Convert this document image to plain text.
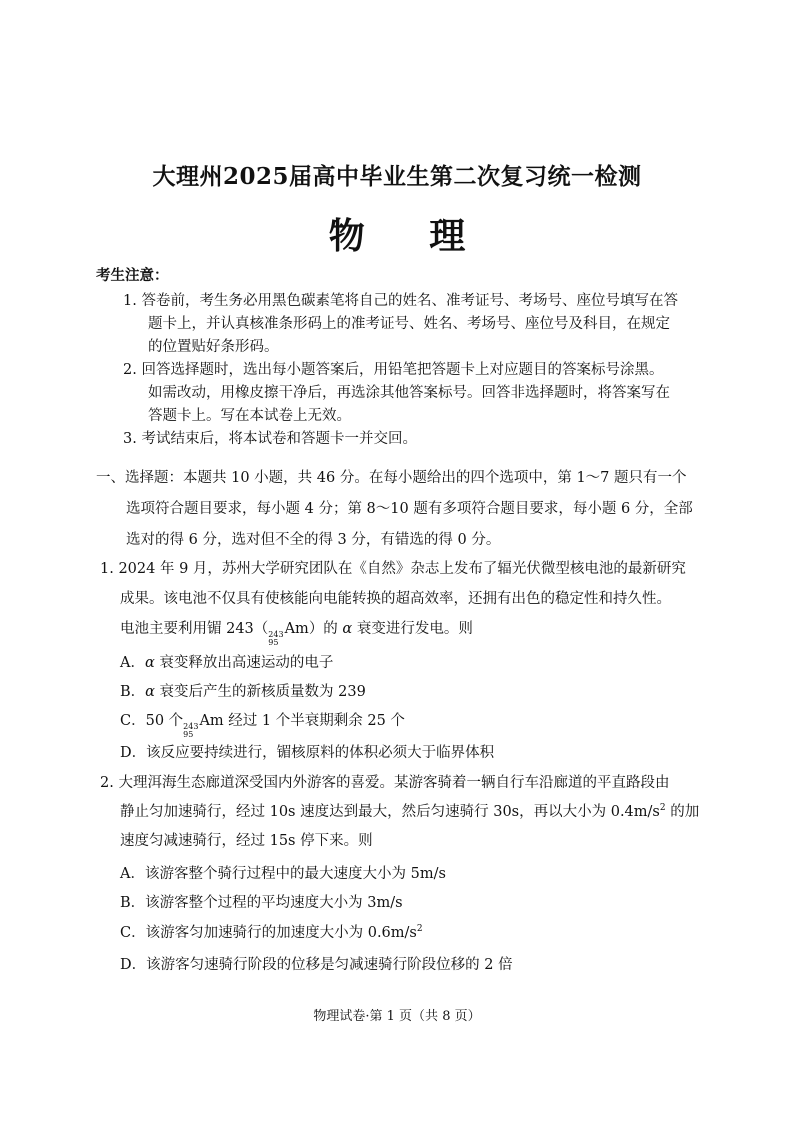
大理州2025届高中毕业生第二次复习统一检测
物 理
考生注意：
1. 答卷前，考生务必用黑色碳素笔将自己的姓名、准考证号、考场号、座位号填写在答
题卡上，并认真核准条形码上的准考证号、姓名、考场号、座位号及科目，在规定
的位置贴好条形码。
2. 回答选择题时，选出每小题答案后，用铅笔把答题卡上对应题目的答案标号涂黑。
如需改动，用橡皮擦干净后，再选涂其他答案标号。回答非选择题时，将答案写在
答题卡上。写在本试卷上无效。
3. 考试结束后，将本试卷和答题卡一并交回。
一、选择题：本题共 10 小题，共 46 分。在每小题给出的四个选项中，第 1～7 题只有一个
选项符合题目要求，每小题 4 分；第 8～10 题有多项符合题目要求，每小题 6 分，全部
选对的得 6 分，选对但不全的得 3 分，有错选的得 0 分。
1. 2024 年 9 月，苏州大学研究团队在《自然》杂志上发布了辐光伏微型核电池的最新研究
成果。该电池不仅具有使核能向电能转换的超高效率，还拥有出色的稳定性和持久性。
电池主要利用镅 243（ 243
95
Am）的 α 衰变进行发电。则
A．α 衰变释放出高速运动的电子
B．α 衰变后产生的新核质量数为 239
C．50 个 243
95
Am 经过 1 个半衰期剩余 25 个
D．该反应要持续进行，镅核原料的体积必须大于临界体积
2. 大理洱海生态廊道深受国内外游客的喜爱。某游客骑着一辆自行车沿廊道的平直路段由
静止匀加速骑行，经过 10s 速度达到最大，然后匀速骑行 30s，再以大小为 $0.4m/s^2$ 的加
速度匀减速骑行，经过 15s 停下来。则
A．该游客整个骑行过程中的最大速度大小为 5m/s
B．该游客整个过程的平均速度大小为 3m/s
C．该游客匀加速骑行的加速度大小为 $0.6m/s^2$
D．该游客匀速骑行阶段的位移是匀减速骑行阶段位移的 2 倍
物理试卷·第 1 页（共 8 页）
